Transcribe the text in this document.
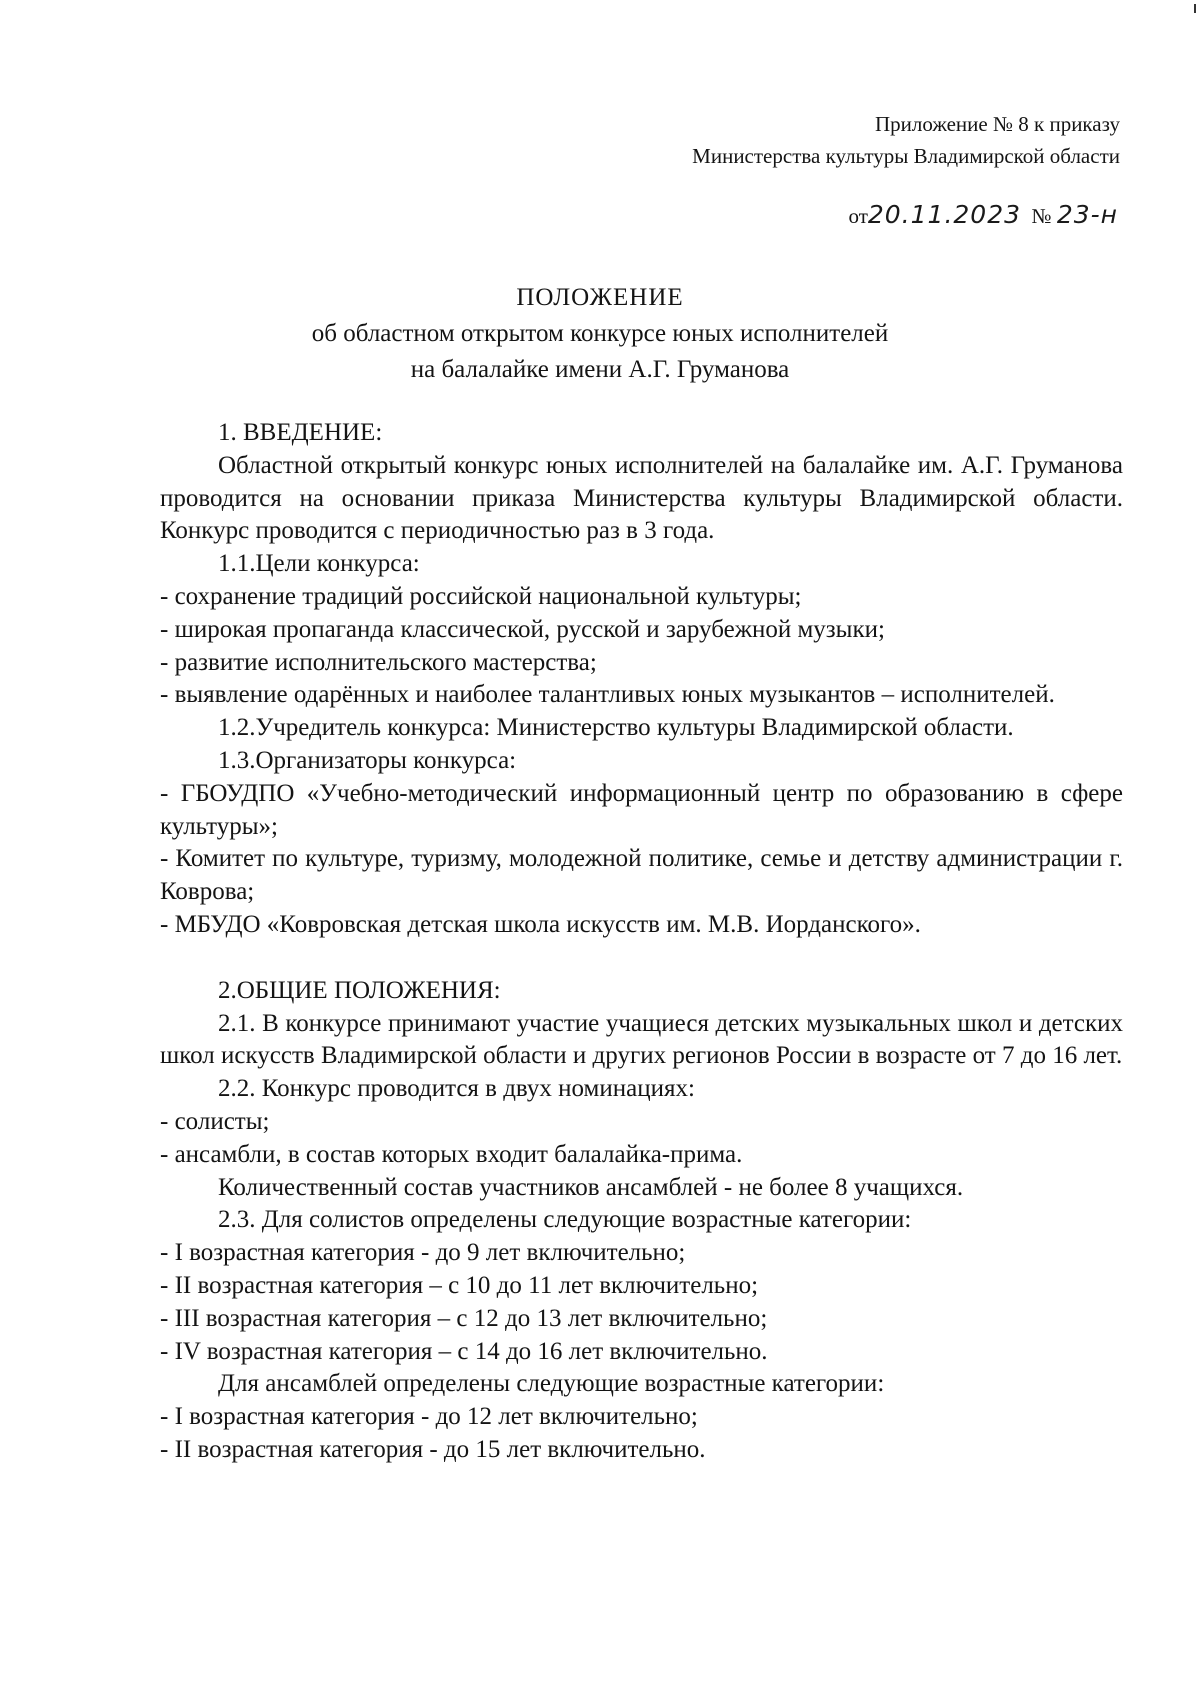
Приложение № 8 к приказу
Министерства культуры Владимирской области
от20.11.2023 № 23-н
ПОЛОЖЕНИЕ
об областном открытом конкурсе юных исполнителей
на балалайке имени А.Г. Груманова

1. ВВЕДЕНИЕ:

Областной открытый конкурс юных исполнителей на балалайке им. А.Г. Груманова проводится на основании приказа Министерства культуры Владимирской области. Конкурс проводится с периодичностью раз в 3 года.

1.1.Цели конкурса:

- сохранение традиций российской национальной культуры;

- широкая пропаганда классической, русской и зарубежной музыки;

- развитие исполнительского мастерства;

- выявление одарённых и наиболее талантливых юных музыкантов – исполнителей.

1.2.Учредитель конкурса: Министерство культуры Владимирской области.

1.3.Организаторы конкурса:

- ГБОУДПО «Учебно-методический информационный центр по образованию в сфере культуры»;

- Комитет по культуре, туризму, молодежной политике, семье и детству администрации г. Коврова;

- МБУДО «Ковровская детская школа искусств им. М.В. Иорданского».

2.ОБЩИЕ ПОЛОЖЕНИЯ:

2.1. В конкурсе принимают участие учащиеся детских музыкальных школ и детских школ искусств Владимирской области и других регионов России в возрасте от 7 до 16 лет.

2.2. Конкурс проводится в двух номинациях:

- солисты;

- ансамбли, в состав которых входит балалайка-прима.

Количественный состав участников ансамблей - не более 8 учащихся.

2.3. Для солистов определены следующие возрастные категории:

- I возрастная категория - до 9 лет включительно;

- II возрастная категория – с 10 до 11 лет включительно;

- III возрастная категория – с 12 до 13 лет включительно;

- IV возрастная категория – с 14 до 16 лет включительно.

Для ансамблей определены следующие возрастные категории:

- I возрастная категория - до 12 лет включительно;

- II возрастная категория - до 15 лет включительно.
